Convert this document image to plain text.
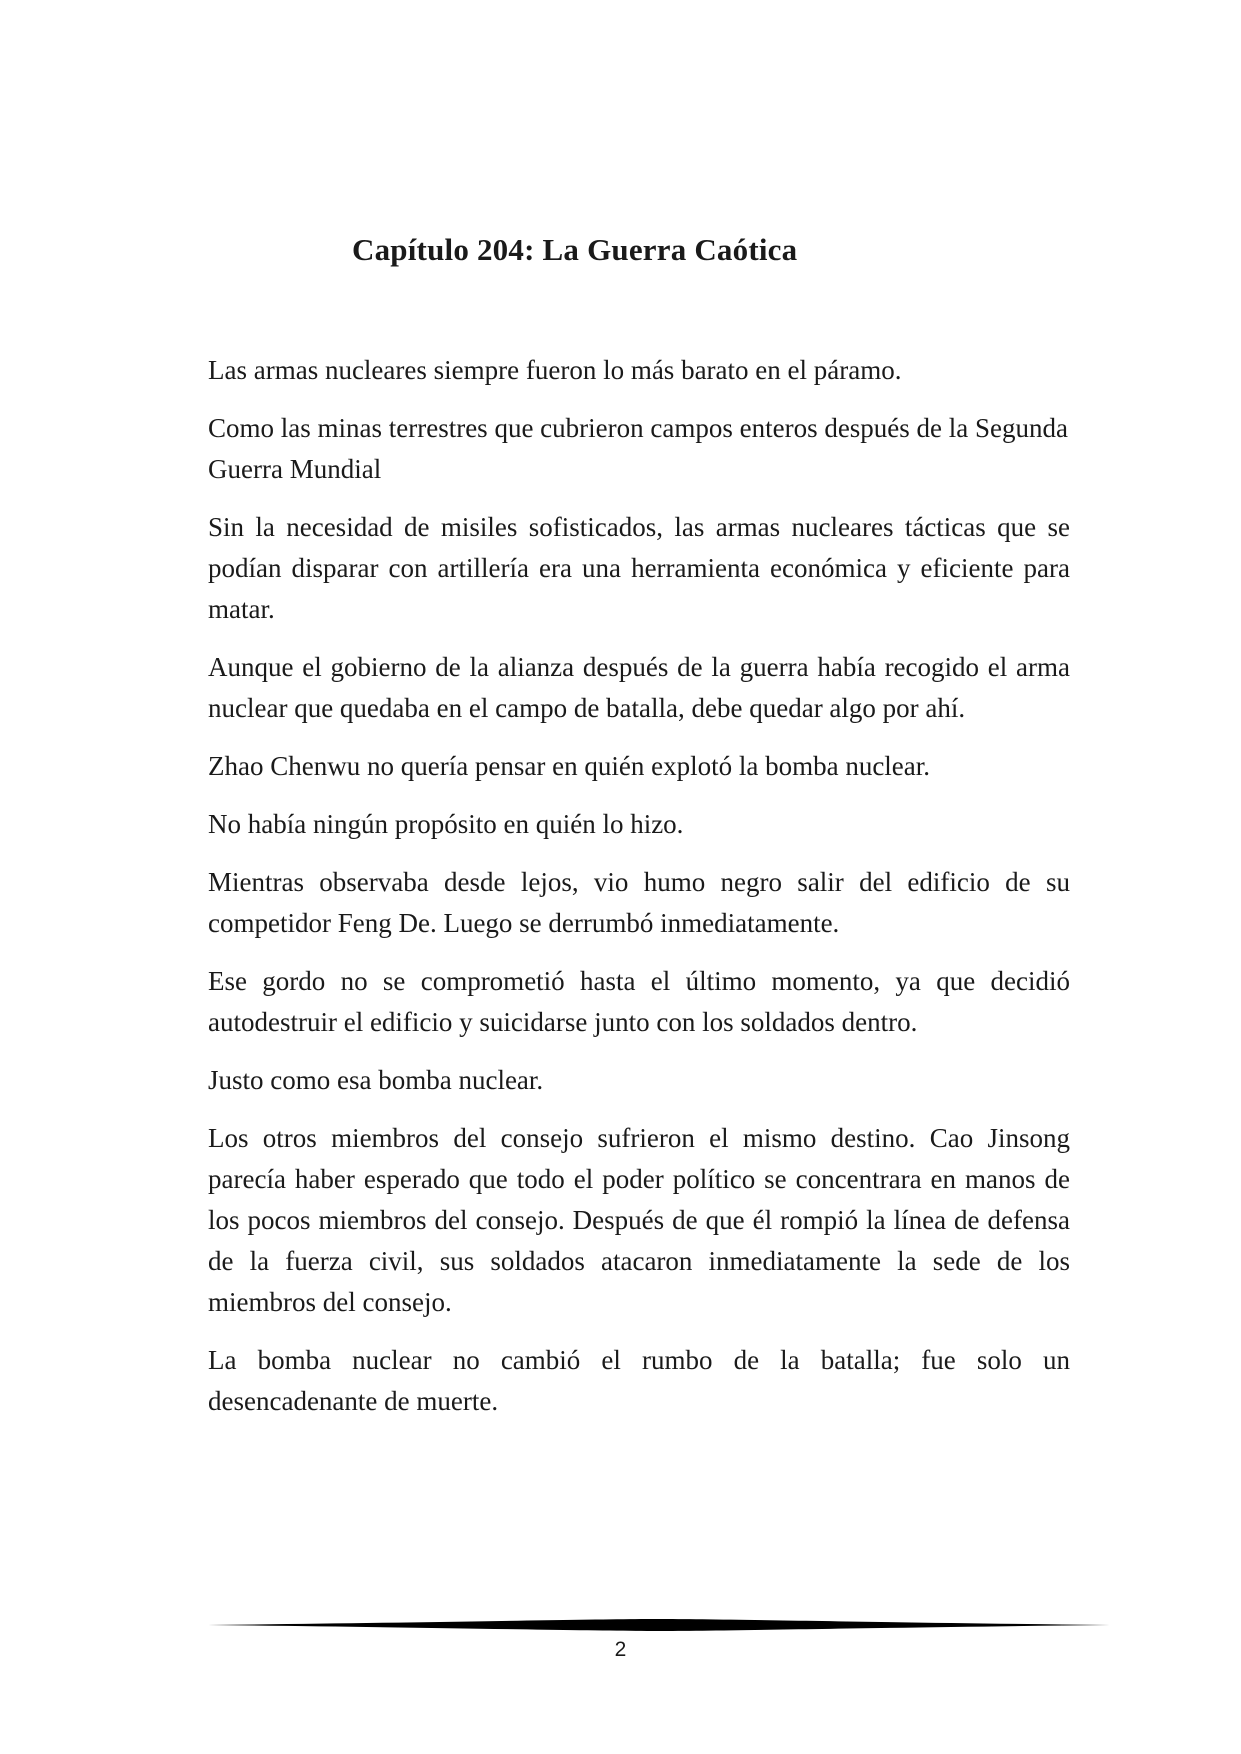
Capítulo 204: La Guerra Caótica

Las armas nucleares siempre fueron lo más barato en el páramo.

Como las minas terrestres que cubrieron campos enteros después de la Segunda Guerra Mundial

Sin la necesidad de misiles sofisticados, las armas nucleares tácticas que se podían disparar con artillería era una herramienta económica y eficiente para matar.

Aunque el gobierno de la alianza después de la guerra había recogido el arma nuclear que quedaba en el campo de batalla, debe quedar algo por ahí.

Zhao Chenwu no quería pensar en quién explotó la bomba nuclear.

No había ningún propósito en quién lo hizo.

Mientras observaba desde lejos, vio humo negro salir del edificio de su competidor Feng De. Luego se derrumbó inmediatamente.

Ese gordo no se comprometió hasta el último momento, ya que decidió autodestruir el edificio y suicidarse junto con los soldados dentro.

Justo como esa bomba nuclear.

Los otros miembros del consejo sufrieron el mismo destino. Cao Jinsong parecía haber esperado que todo el poder político se concentrara en manos de los pocos miembros del consejo. Después de que él rompió la línea de defensa de la fuerza civil, sus soldados atacaron inmediatamente la sede de los miembros del consejo.

La bomba nuclear no cambió el rumbo de la batalla; fue solo un desencadenante de muerte.

2
